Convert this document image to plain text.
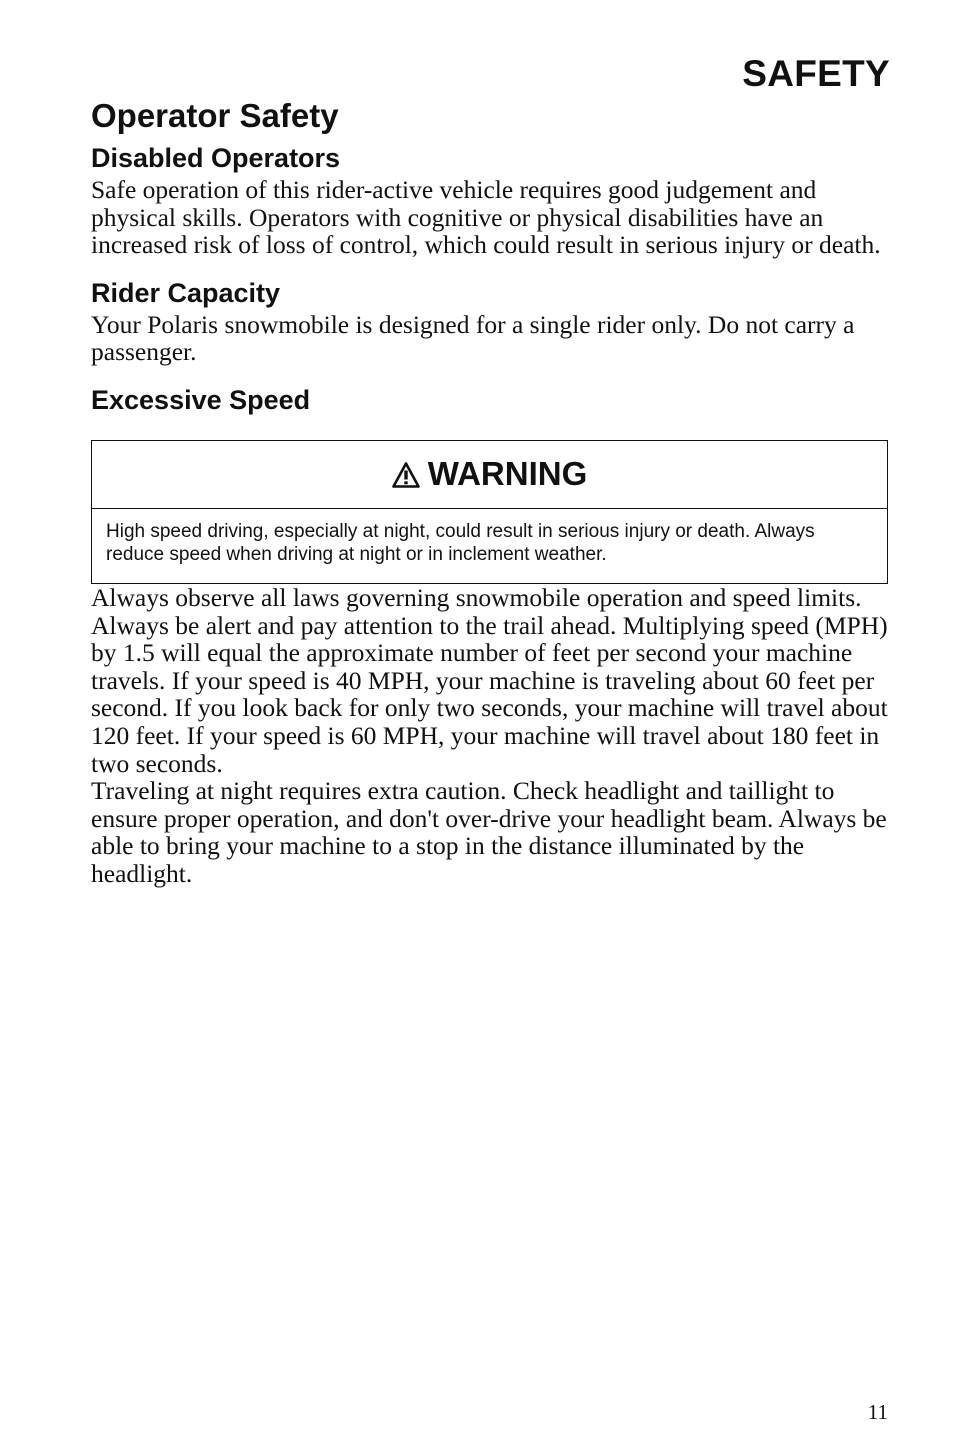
SAFETY
Operator Safety
Disabled Operators

Safe operation of this rider-active vehicle requires good judgement and physical skills. Operators with cognitive or physical disabilities have an increased risk of loss of control, which could result in serious injury or death.

Rider Capacity

Your Polaris snowmobile is designed for a single rider only. Do not carry a passenger.

Excessive Speed
WARNING

High speed driving, especially at night, could result in serious injury or death. Always reduce speed when driving at night or in inclement weather.

Always observe all laws governing snowmobile operation and speed limits. Always be alert and pay attention to the trail ahead. Multiplying speed (MPH) by 1.5 will equal the approximate number of feet per second your machine travels. If your speed is 40 MPH, your machine is traveling about 60 feet per second. If you look back for only two seconds, your machine will travel about 120 feet. If your speed is 60 MPH, your machine will travel about 180 feet in two seconds.

Traveling at night requires extra caution. Check headlight and taillight to ensure proper operation, and don't over-drive your headlight beam. Always be able to bring your machine to a stop in the distance illuminated by the headlight.

11
